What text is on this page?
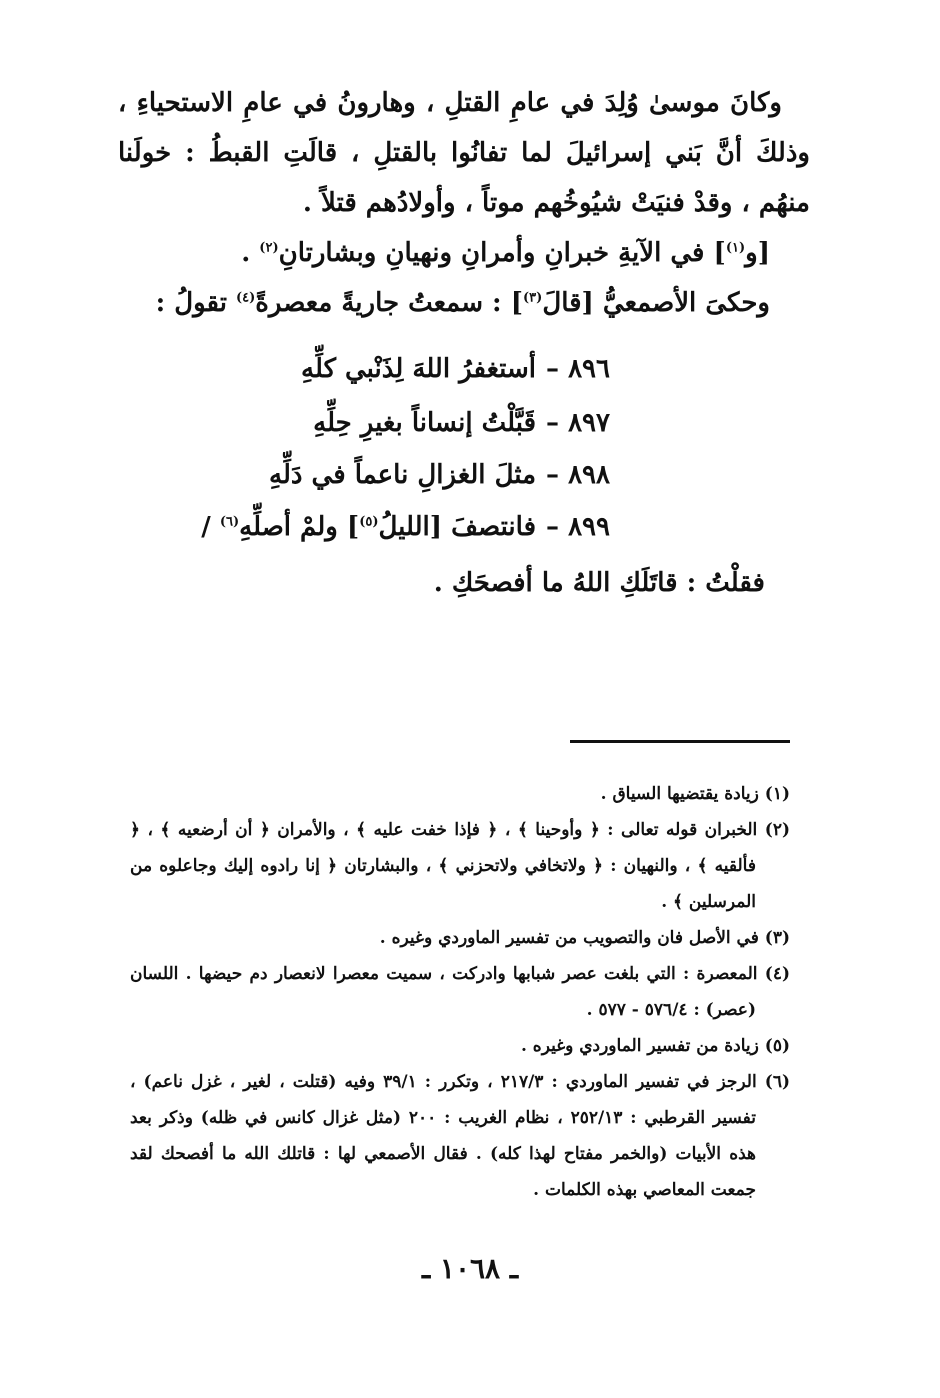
وكانَ موسىٰ وُلِدَ في عامِ القتلِ ، وهارونُ في عامِ الاستحياءِ ، وذلكَ أنَّ بَني إسرائيلَ لما تفانُوا بالقتلِ ، قالَتِ القبطُ : خولَنا منهُم ، وقدْ فنيَتْ شيُوخُهم موتاً ، وأولادُهم قتلاً .

[و$^{(١)}$] في الآيةِ خبرانِ وأمرانِ ونهيانِ وبشارتانِ$^{(٢)}$ .

وحكىَ الأصمعيُّ [قالَ$^{(٣)}$] : سمعتُ جاريةً معصرةً$^{(٤)}$ تقولُ :

٨٩٦ –أستغفرُ اللهَ لِذَنْبي كلِّهِ
٨٩٧ –قَبَّلْتُ إنساناً بغيرِ حِلِّهِ
٨٩٨ –مثلَ الغزالِ ناعماً في دَلِّهِ
٨٩٩ –فانتصفَ [الليلُ$^{(٥)}$] ولمْ أصلِّهِ$^{(٦)}$ /
فقلْتُ : قاتَلَكِ اللهُ ما أفصحَكِ .

(١) زيادة يقتضيها السياق .

(٢) الخبران قوله تعالى : ﴿ وأوحينا ﴾ ، ﴿ فإذا خفت عليه ﴾ ، والأمران ﴿ أن أرضعيه ﴾ ، ﴿ فألقيه ﴾ ، والنهيان : ﴿ ولاتخافي ولاتحزني ﴾ ، والبشارتان ﴿ إنا رادوه إليك وجاعلوه من المرسلين ﴾ .

(٣) في الأصل فان والتصويب من تفسير الماوردي وغيره .

(٤) المعصرة : التي بلغت عصر شبابها وادركت ، سميت معصرا لانعصار دم حيضها . اللسان (عصر) : ٥٧٦/٤ - ٥٧٧ .

(٥) زيادة من تفسير الماوردي وغيره .

(٦) الرجز في تفسير الماوردي : ٢١٧/٣ ، وتكرر : ٣٩/١ وفيه (قتلت ، لغير ، غزل ناعم) ، تفسير القرطبي : ٢٥٢/١٣ ، نظام الغريب : ٢٠٠ (مثل غزال كانس في ظله) وذكر بعد هذه الأبيات (والخمر مفتاح لهذا كله) . فقال الأصمعي لها : قاتلك الله ما أفصحك لقد جمعت المعاصي بهذه الكلمات .

ـ ١٠٦٨ ـ
